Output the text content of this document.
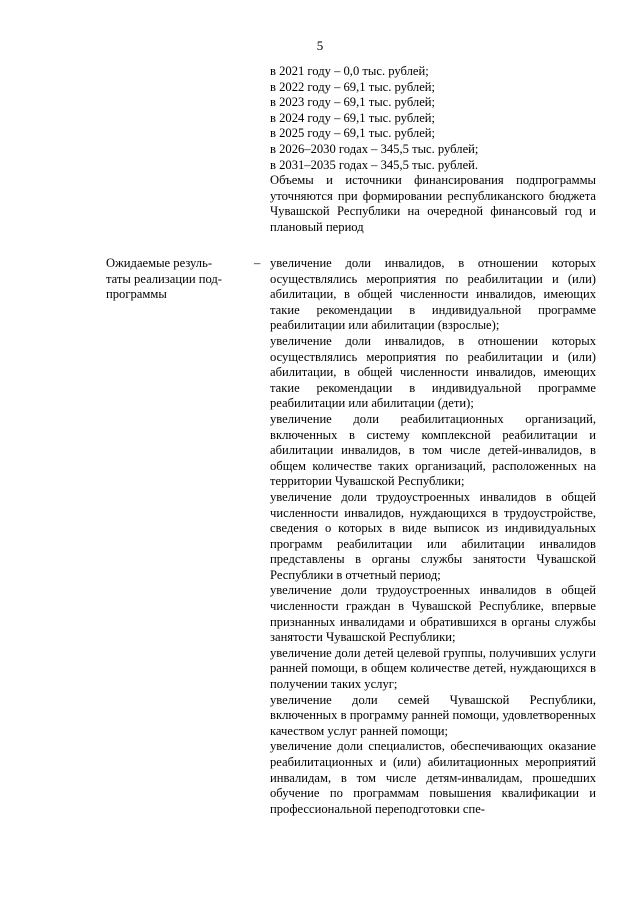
5
в 2021 году – 0,0 тыс. рублей;
в 2022 году – 69,1 тыс. рублей;
в 2023 году – 69,1 тыс. рублей;
в 2024 году – 69,1 тыс. рублей;
в 2025 году – 69,1 тыс. рублей;
в 2026–2030 годах – 345,5 тыс. рублей;
в 2031–2035 годах – 345,5 тыс. рублей.
Объемы и источники финансирования подпрограммы уточняются при формировании республиканского бюджета Чувашской Республики на очередной финансовый год и плановый период
Ожидаемые резуль-
таты реализации под-
программы
– увеличение доли инвалидов, в отношении которых осуществлялись мероприятия по реабилитации и (или) абилитации, в общей численности инвалидов, имеющих такие рекомендации в индивидуальной программе реабилитации или абилитации (взрослые);
увеличение доли инвалидов, в отношении которых осуществлялись мероприятия по реабилитации и (или) абилитации, в общей численности инвалидов, имеющих такие рекомендации в индивидуальной программе реабилитации или абилитации (дети);
увеличение доли реабилитационных организаций, включенных в систему комплексной реабилитации и абилитации инвалидов, в том числе детей-инвалидов, в общем количестве таких организаций, расположенных на территории Чувашской Республики;
увеличение доли трудоустроенных инвалидов в общей численности инвалидов, нуждающихся в трудоустройстве, сведения о которых в виде выписок из индивидуальных программ реабилитации или абилитации инвалидов представлены в органы службы занятости Чувашской Республики в отчетный период;
увеличение доли трудоустроенных инвалидов в общей численности граждан в Чувашской Республике, впервые признанных инвалидами и обратившихся в органы службы занятости Чувашской Республики;
увеличение доли детей целевой группы, получивших услуги ранней помощи, в общем количестве детей, нуждающихся в получении таких услуг;
увеличение доли семей Чувашской Республики, включенных в программу ранней помощи, удовлетворенных качеством услуг ранней помощи;
увеличение доли специалистов, обеспечивающих оказание реабилитационных и (или) абилитационных мероприятий инвалидам, в том числе детям-инвалидам, прошедших обучение по программам повышения квалификации и профессиональной переподготовки спе-
